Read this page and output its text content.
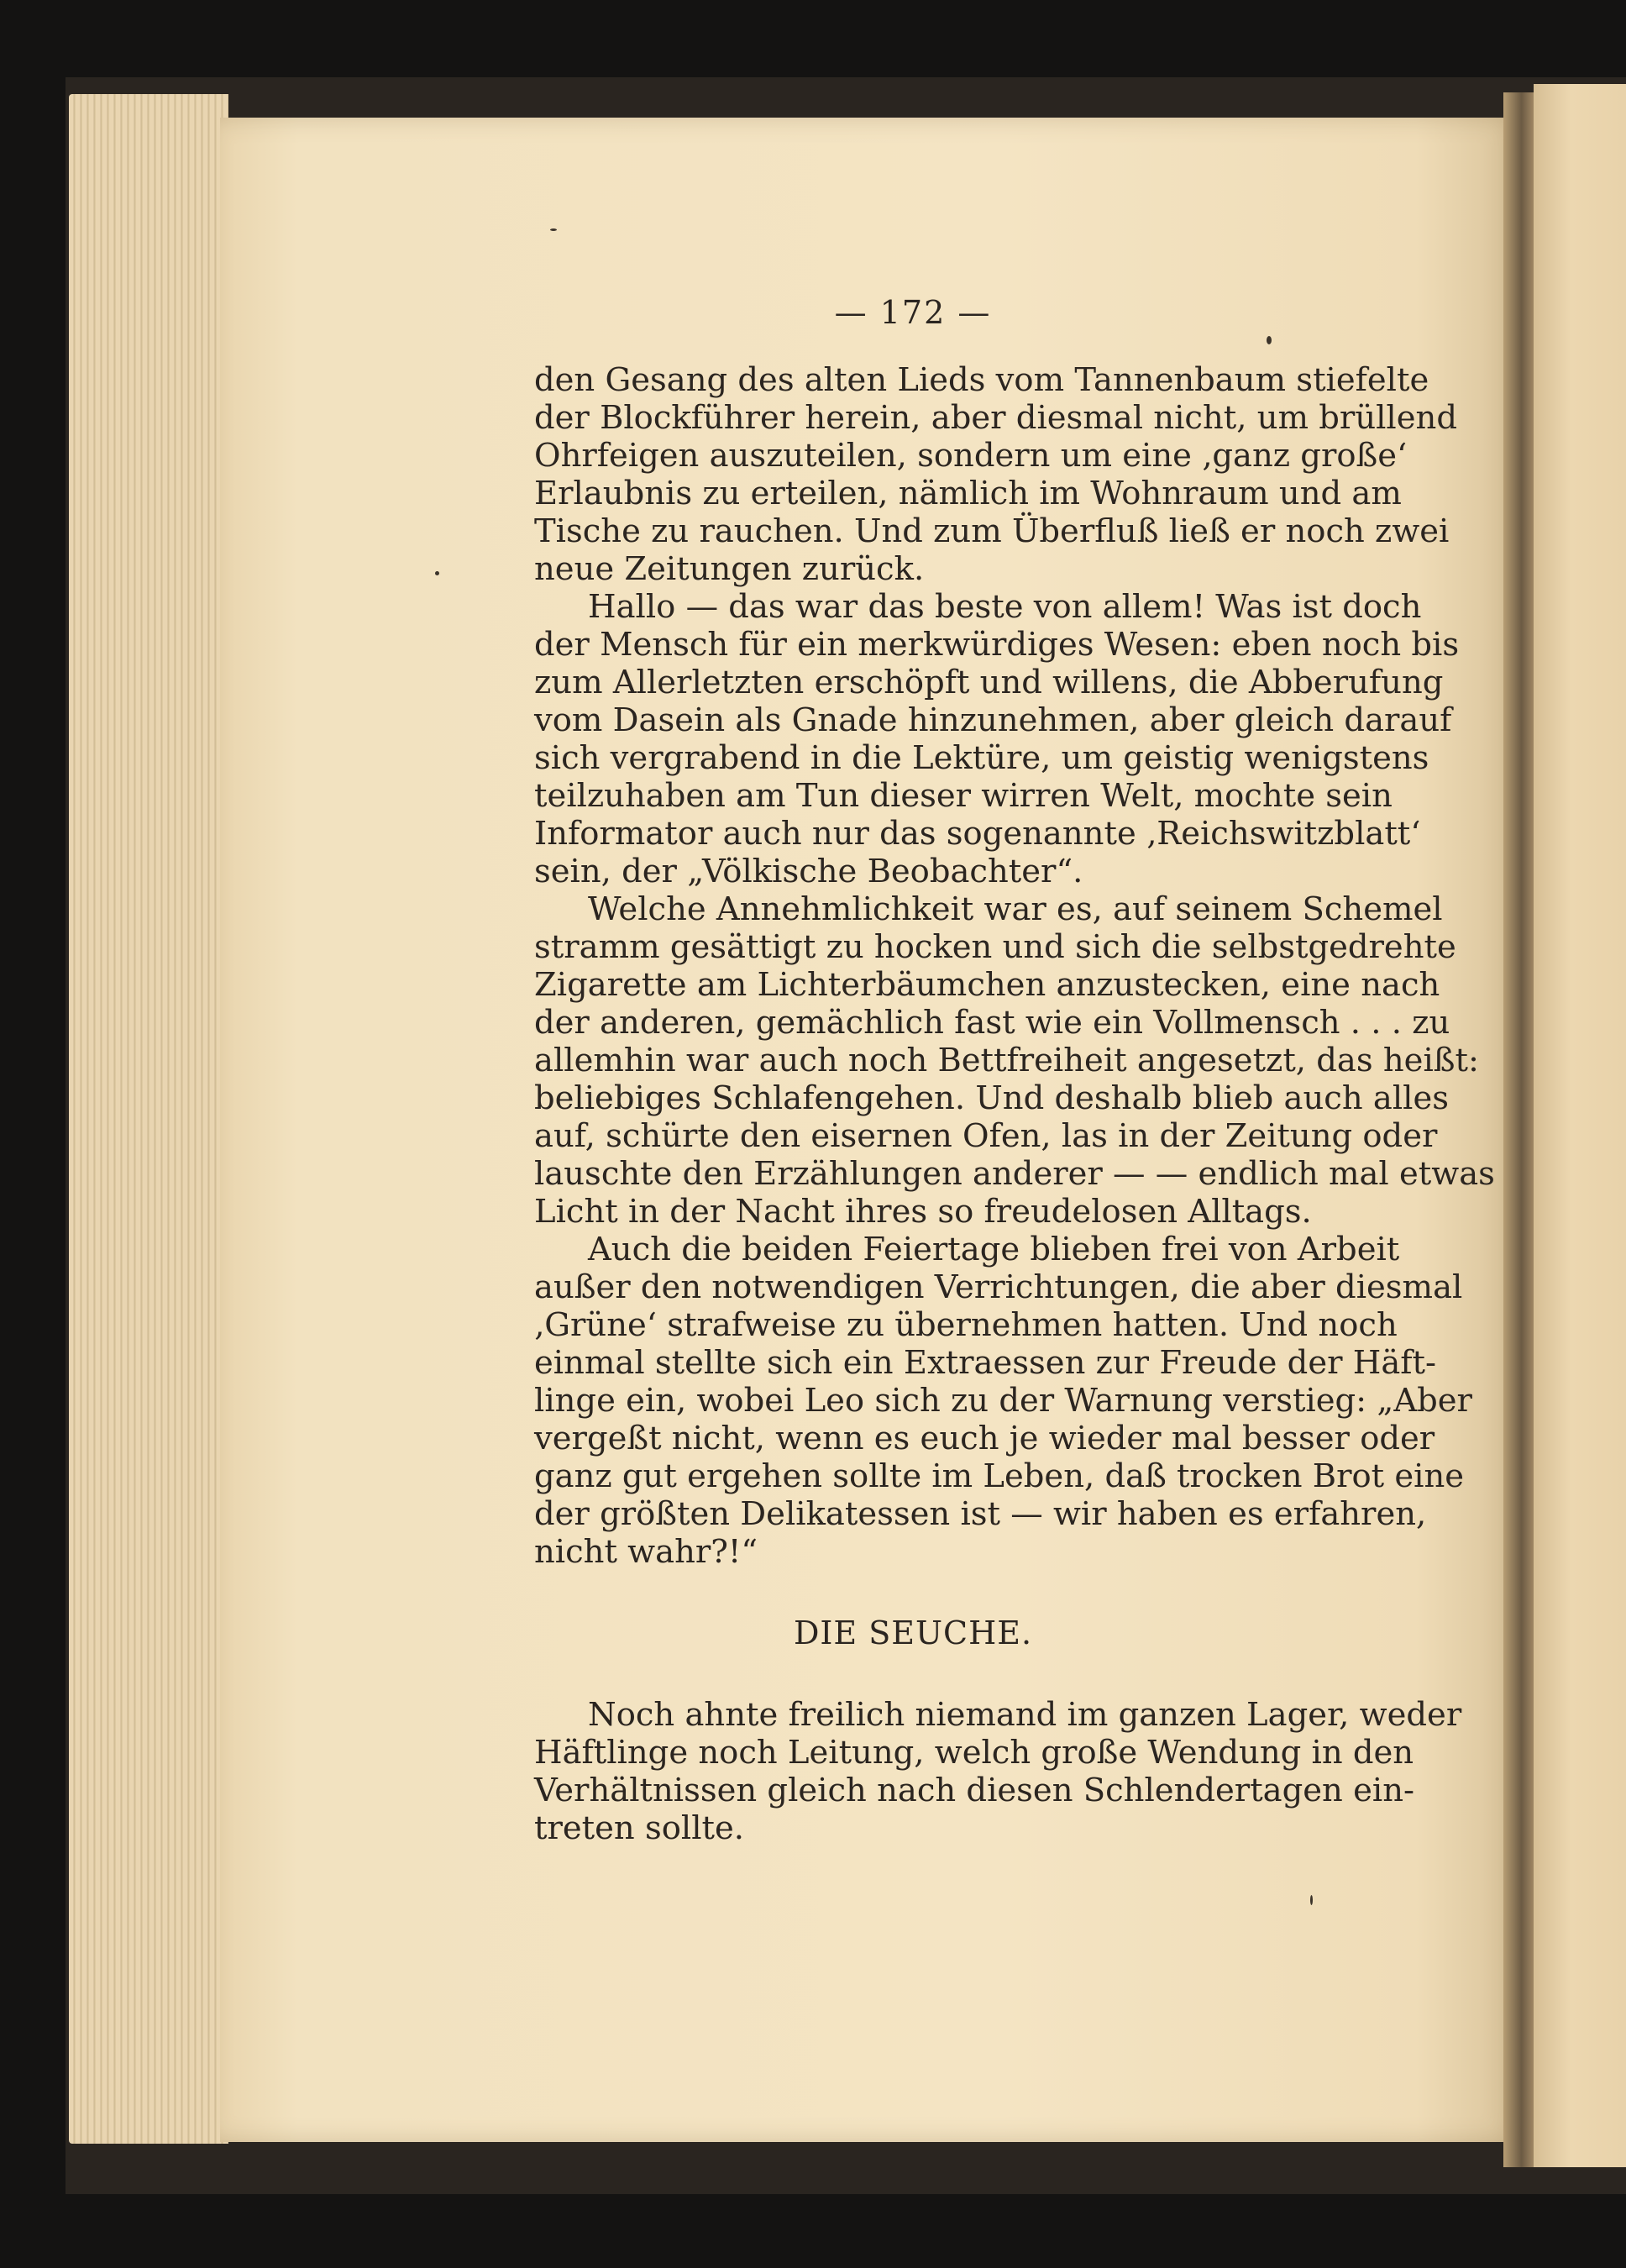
— 172 —
den Gesang des alten Lieds vom Tannenbaum stiefelte
der Blockführer herein, aber diesmal nicht, um brüllend
Ohrfeigen auszuteilen, sondern um eine ‚ganz große‘
Erlaubnis zu erteilen, nämlich im Wohnraum und am
Tische zu rauchen. Und zum Überfluß ließ er noch zwei
neue Zeitungen zurück.
Hallo — das war das beste von allem! Was ist doch
der Mensch für ein merkwürdiges Wesen: eben noch bis
zum Allerletzten erschöpft und willens, die Abberufung
vom Dasein als Gnade hinzunehmen, aber gleich darauf
sich vergrabend in die Lektüre, um geistig wenigstens
teilzuhaben am Tun dieser wirren Welt, mochte sein
Informator auch nur das sogenannte ‚Reichswitzblatt‘
sein, der „Völkische Beobachter“.
Welche Annehmlichkeit war es, auf seinem Schemel
stramm gesättigt zu hocken und sich die selbstgedrehte
Zigarette am Lichterbäumchen anzustecken, eine nach
der anderen, gemächlich fast wie ein Vollmensch . . . zu
allemhin war auch noch Bettfreiheit angesetzt, das heißt:
beliebiges Schlafengehen. Und deshalb blieb auch alles
auf, schürte den eisernen Ofen, las in der Zeitung oder
lauschte den Erzählungen anderer — — endlich mal etwas
Licht in der Nacht ihres so freudelosen Alltags.
Auch die beiden Feiertage blieben frei von Arbeit
außer den notwendigen Verrichtungen, die aber diesmal
‚Grüne‘ strafweise zu übernehmen hatten. Und noch
einmal stellte sich ein Extraessen zur Freude der Häft-
linge ein, wobei Leo sich zu der Warnung verstieg: „Aber
vergeßt nicht, wenn es euch je wieder mal besser oder
ganz gut ergehen sollte im Leben, daß trocken Brot eine
der größten Delikatessen ist — wir haben es erfahren,
nicht wahr?!“
DIE SEUCHE.
Noch ahnte freilich niemand im ganzen Lager, weder
Häftlinge noch Leitung, welch große Wendung in den
Verhältnissen gleich nach diesen Schlendertagen ein-
treten sollte.
